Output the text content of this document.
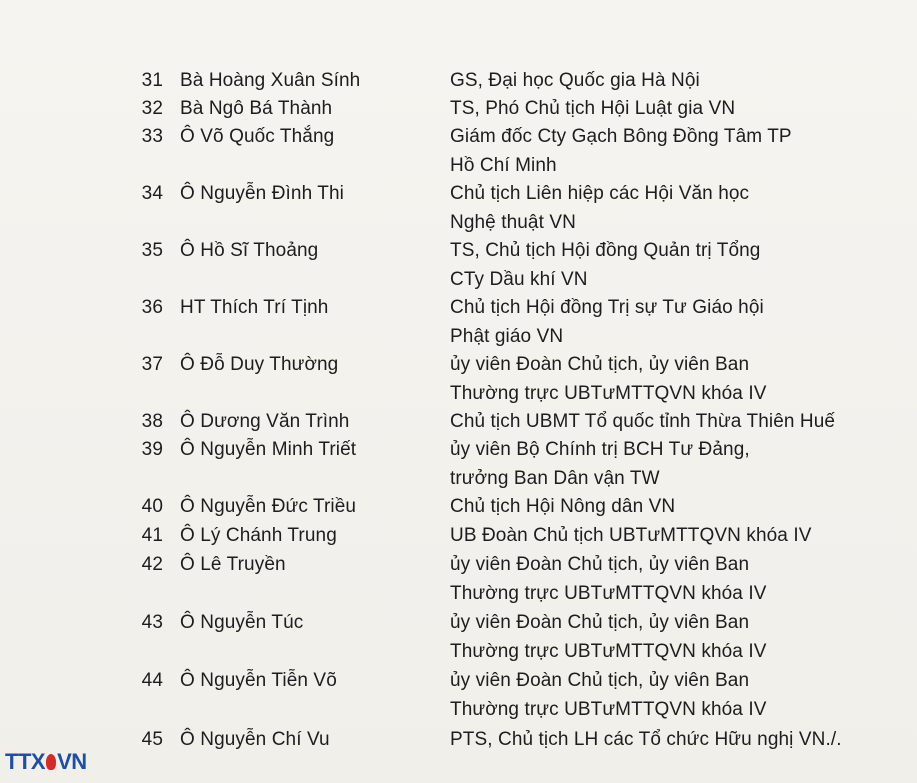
31 Bà Hoàng Xuân Sính	GS, Đại học Quốc gia Hà Nội
32 Bà Ngô Bá Thành	TS, Phó Chủ tịch Hội Luật gia VN
33 Ô Võ Quốc Thắng	Giám đốc Cty Gạch Bông Đồng Tâm TP
Hồ Chí Minh
34 Ô Nguyễn Đình Thi	Chủ tịch Liên hiệp các Hội Văn học
Nghệ thuật VN
35 Ô Hồ Sĩ Thoảng	TS, Chủ tịch Hội đồng Quản trị Tổng
CTy Dầu khí VN
36 HT Thích Trí Tịnh	Chủ tịch Hội đồng Trị sự Tư Giáo hội
Phật giáo VN
37 Ô Đỗ Duy Thường	ủy viên Đoàn Chủ tịch, ủy viên Ban
Thường trực UBTưMTTQVN khóa IV
38 Ô Dương Văn Trình	Chủ tịch UBMT Tổ quốc tỉnh Thừa Thiên Huế
39 Ô Nguyễn Minh Triết	ủy viên Bộ Chính trị BCH Tư Đảng,
trưởng Ban Dân vận TW
40 Ô Nguyễn Đức Triều	Chủ tịch Hội Nông dân VN
41 Ô Lý Chánh Trung	UB Đoàn Chủ tịch UBTưMTTQVN khóa IV
42 Ô Lê Truyền	ủy viên Đoàn Chủ tịch, ủy viên Ban
Thường trực UBTưMTTQVN khóa IV
43 Ô Nguyễn Túc	ủy viên Đoàn Chủ tịch, ủy viên Ban
Thường trực UBTưMTTQVN khóa IV
44 Ô Nguyễn Tiễn Võ	ủy viên Đoàn Chủ tịch, ủy viên Ban
Thường trực UBTưMTTQVN khóa IV
45 Ô Nguyễn Chí Vu	PTS, Chủ tịch LH các Tổ chức Hữu nghị VN./.
TTX VN
